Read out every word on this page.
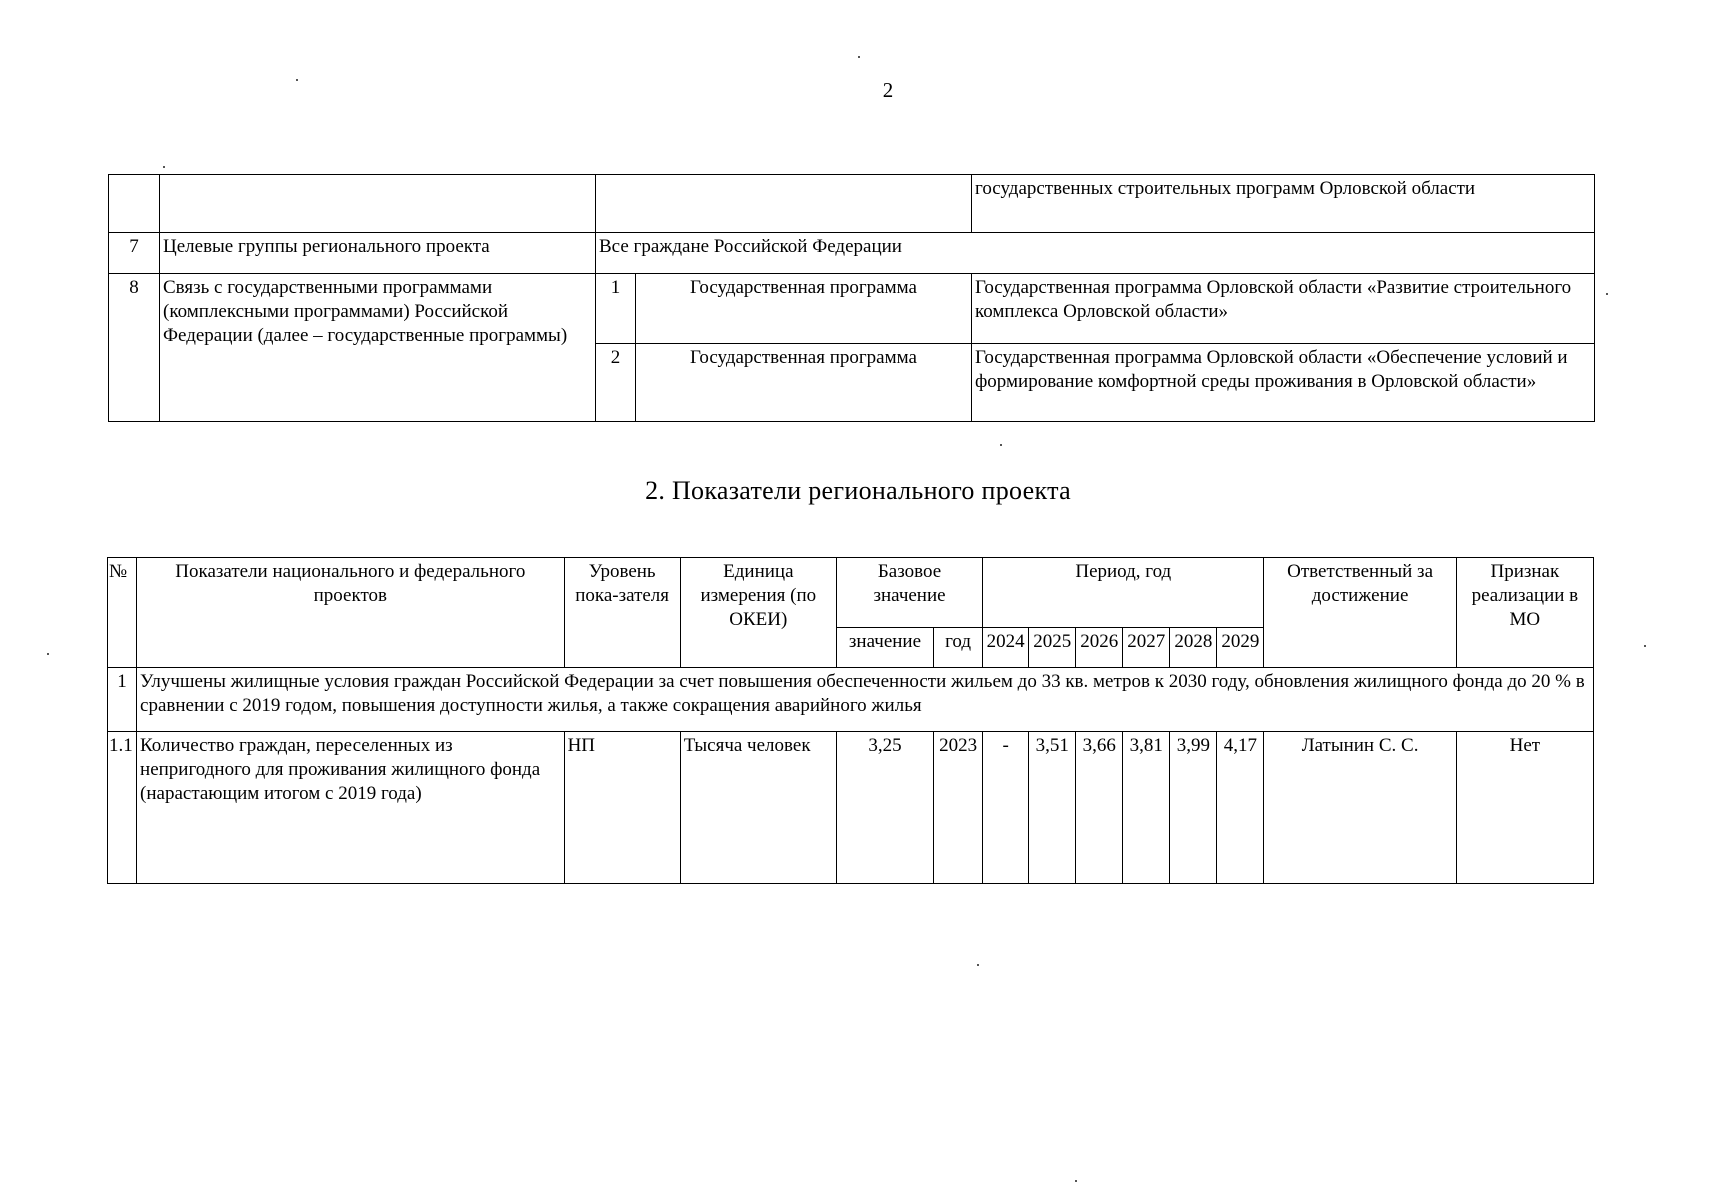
2
				государственных строительных программ Орловской области
7	Целевые группы регионального проекта	Все граждане Российской Федерации		
8	Связь с государственными программами (комплексными программами) Российской Федерации (далее – государственные программы)	1	Государственная программа	Государственная программа Орловской области «Развитие строительного комплекса Орловской области»
		2	Государственная программа	Государственная программа Орловской области «Обеспечение условий и формирование комфортной среды проживания в Орловской области»
2. Показатели регионального проекта
№	Показатели национального и федерального проектов	Уровень пока-зателя	Единица измерения (по ОКЕИ)	Базовое значение		Период, год						Ответственный за достижение	Признак реализации в МО
				значение	год	2024	2025	2026	2027	2028	2029		
1	Улучшены жилищные условия граждан Российской Федерации за счет повышения обеспеченности жильем до 33 кв. метров к 2030 году, обновления жилищного фонда до 20 % в сравнении с 2019 годом, повышения доступности жилья, а также сокращения аварийного жилья												
1.1	Количество граждан, переселенных из непригодного для проживания жилищного фонда (нарастающим итогом с 2019 года)	НП	Тысяча человек	3,25	2023	-	3,51	3,66	3,81	3,99	4,17	Латынин С. С.	Нет
